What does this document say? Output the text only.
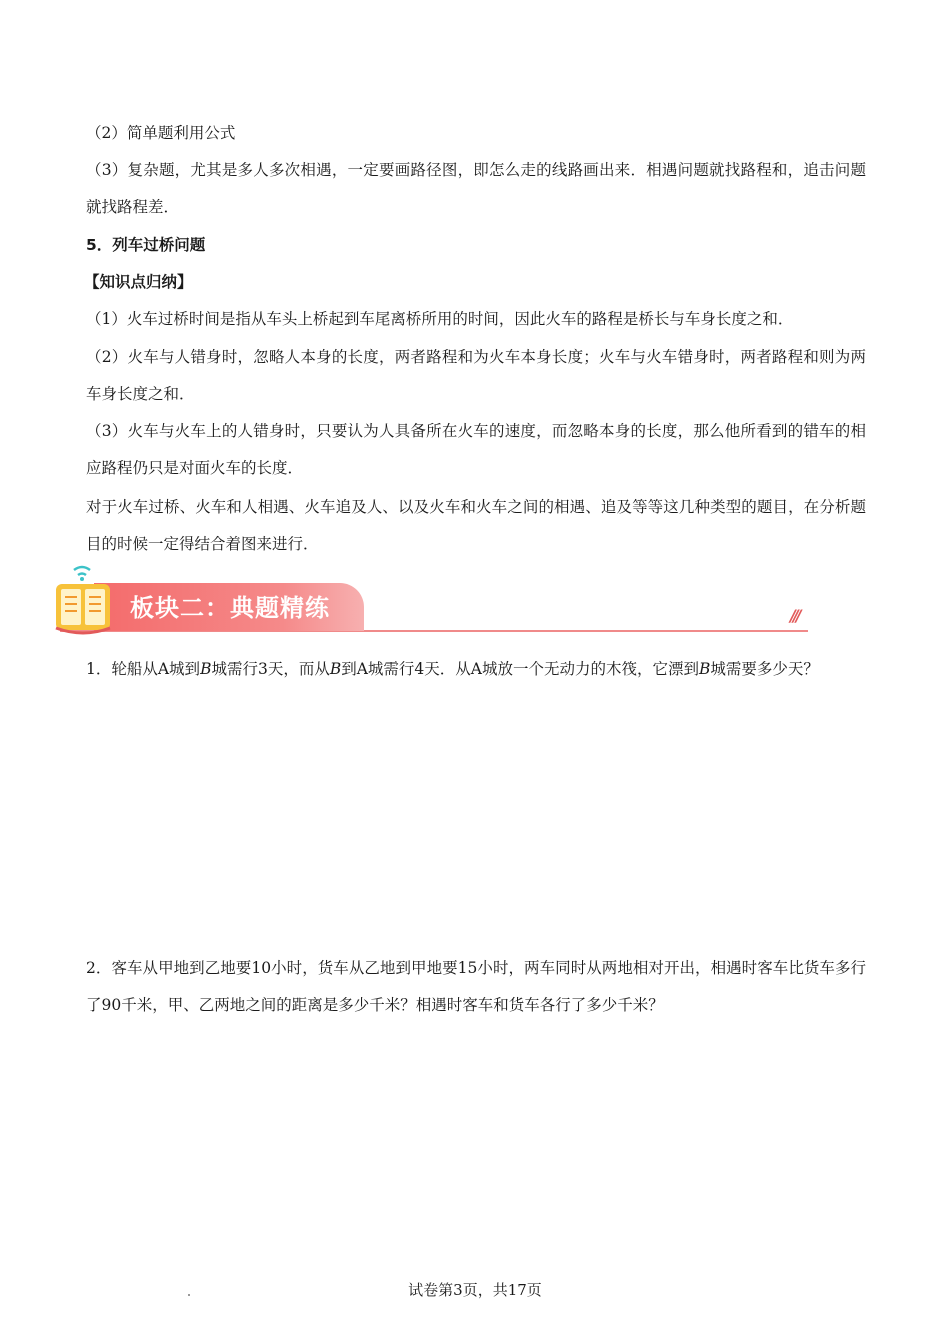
（2）简单题利用公式

（3）复杂题，尤其是多人多次相遇，一定要画路径图，即怎么走的线路画出来．相遇问题就找路程和，追击问题就找路程差．

5．列车过桥问题

【知识点归纳】

（1）火车过桥时间是指从车头上桥起到车尾离桥所用的时间，因此火车的路程是桥长与车身长度之和．

（2）火车与人错身时，忽略人本身的长度，两者路程和为火车本身长度；火车与火车错身时，两者路程和则为两车身长度之和．

（3）火车与火车上的人错身时，只要认为人具备所在火车的速度，而忽略本身的长度，那么他所看到的错车的相应路程仍只是对面火车的长度．

对于火车过桥、火车和人相遇、火车追及人、以及火车和火车之间的相遇、追及等等这几种类型的题目，在分析题目的时候一定得结合着图来进行．

板块二：典题精练	///

1．轮船从A城到B城需行3天，而从B到A城需行4天．从A城放一个无动力的木筏，它漂到B城需要多少天？

2．客车从甲地到乙地要10小时，货车从乙地到甲地要15小时，两车同时从两地相对开出，相遇时客车比货车多行了90千米，甲、乙两地之间的距离是多少千米？相遇时客车和货车各行了多少千米？

试卷第3页，共17页
